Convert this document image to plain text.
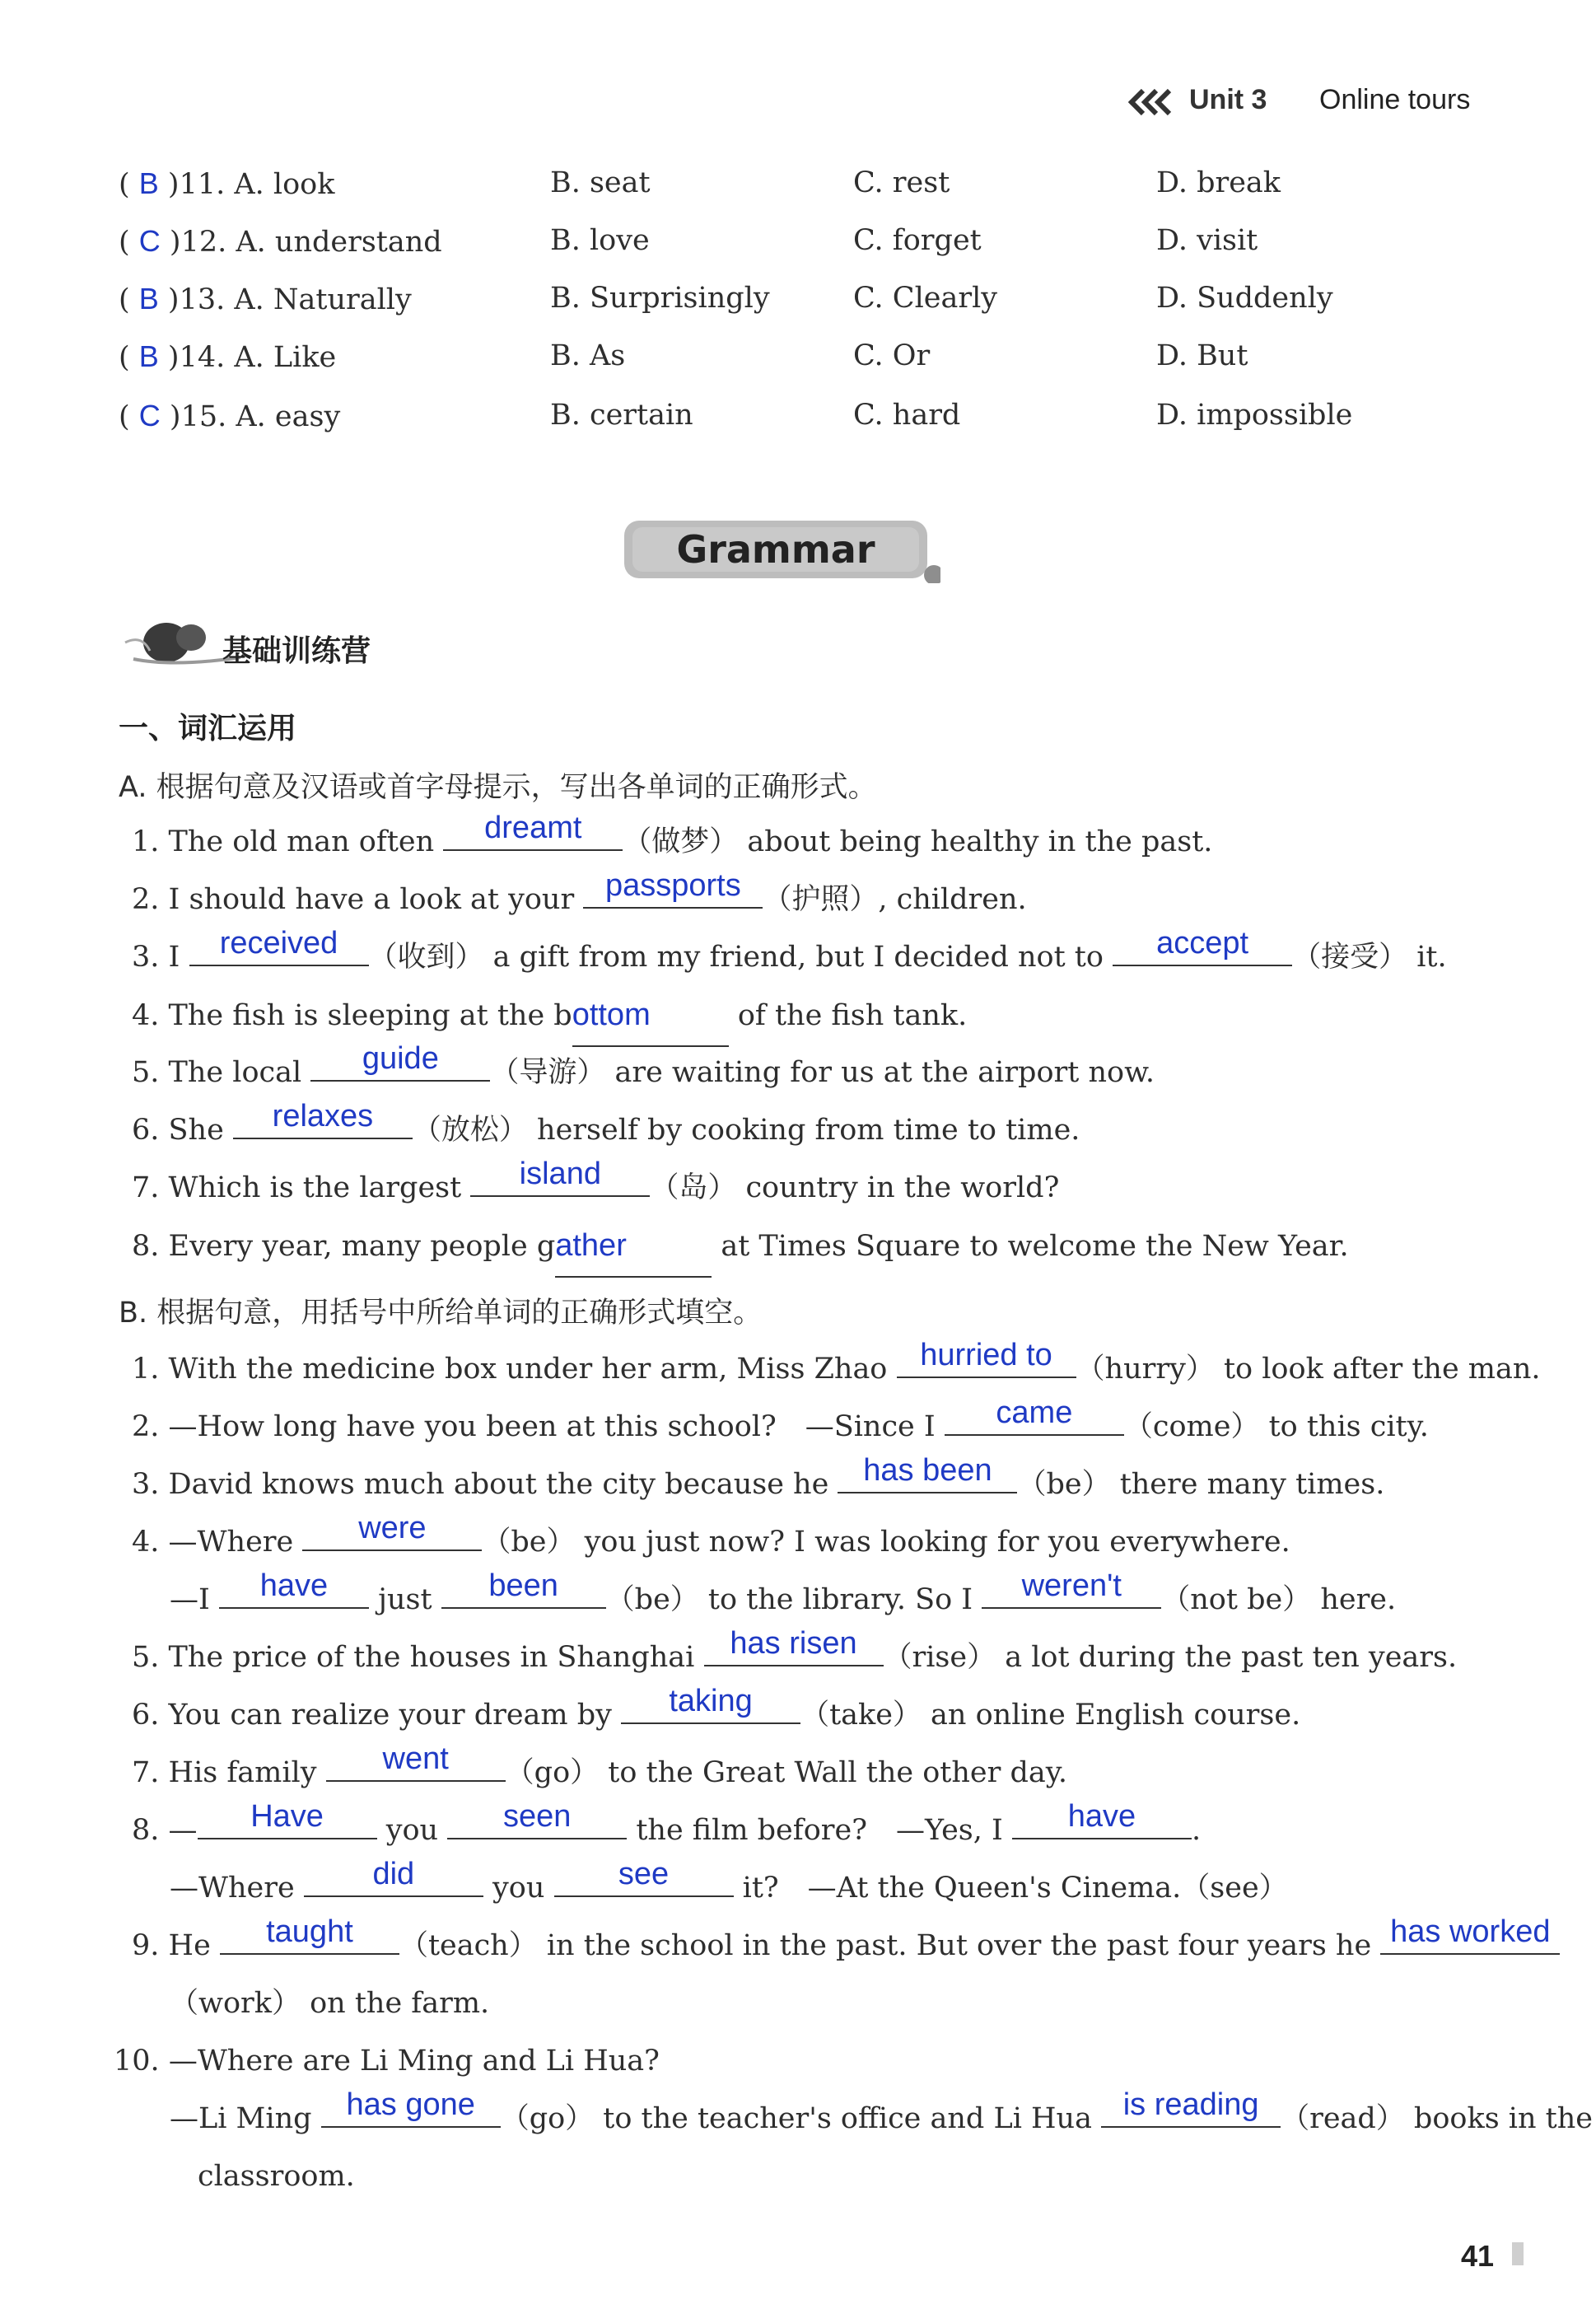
Unit 3 Online tours
( B )11. A. look	B. seat	C. rest	D. break
( C )12. A. understand	B. love	C. forget	D. visit
( B )13. A. Naturally	B. Surprisingly	C. Clearly	D. Suddenly
( B )14. A. Like	B. As	C. Or	D. But
( C )15. A. easy	B. certain	C. hard	D. impossible
Grammar
基础训练营
一、词汇运用
A. 根据句意及汉语或首字母提示，写出各单词的正确形式。
1. The old man often	dreamt	（做梦） about being healthy in the past.
2. I should have a look at your passports （护照）, children.
3. I	received	（收到） a gift from my friend, but I decided not to	accept	（接受） it.
4. The fish is sleeping at the bottom	of the fish tank.
5. The local	guide	（导游） are waiting for us at the airport now.
6. She	relaxes	（放松） herself by cooking from time to time.
7. Which is the largest	island	（岛） country in the world?
8. Every year, many people gather	at Times Square to welcome the New Year.
B. 根据句意，用括号中所给单词的正确形式填空。
1. With the medicine box under her arm, Miss Zhao	hurried to （hurry） to look after the man.
2. —How long have you been at this school?　—Since I	came	（come） to this city.
3. David knows much about the city because he	has been （be） there many times.
4. —Where	were	（be） you just now? I was looking for you everywhere.
—I	have	just	been	（be） to the library. So I	weren't	（not be） here.
5. The price of the houses in Shanghai	has risen （rise） a lot during the past ten years.
6. You can realize your dream by	taking	（take） an online English course.
7. His family	went	（go） to the Great Wall the other day.
8. —	Have	you	seen	the film before?　—Yes, I	have	.
—Where	did	you	see	it?　—At the Queen's Cinema.（see）
9. He	taught	（teach） in the school in the past. But over the past four years he has worked
（work） on the farm.
10. —Where are Li Ming and Li Hua?
—Li Ming	has gone （go） to the teacher's office and Li Hua is reading （read） books in the
classroom.
41
